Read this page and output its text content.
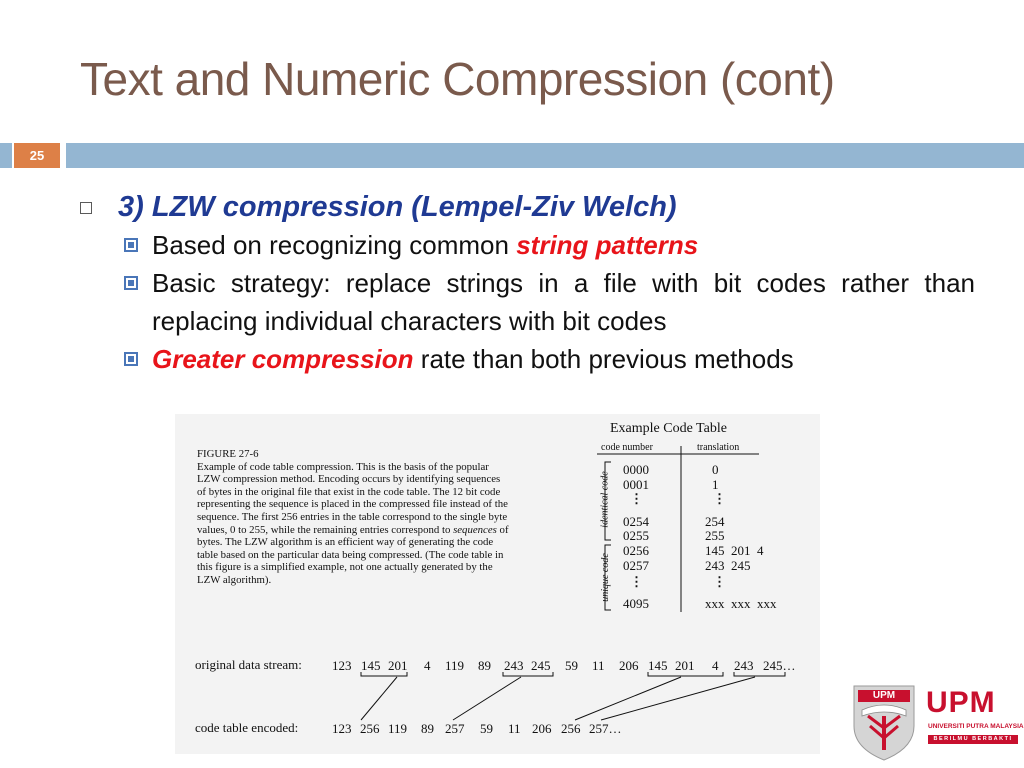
Text and Numeric Compression (cont)
25
3) LZW compression (Lempel-Ziv Welch)
Based on recognizing common string patterns
Basic strategy: replace strings in a file with bit codes rather than replacing individual characters with bit codes
Greater compression rate than both previous methods
FIGURE 27-6
Example of code table compression. This is the basis of the popular LZW compression method. Encoding occurs by identifying sequences of bytes in the original file that exist in the code table. The 12 bit code representing the sequence is placed in the compressed file instead of the sequence. The first 256 entries in the table correspond to the single byte values, 0 to 255, while the remaining entries correspond to sequences of bytes. The LZW algorithm is an efficient way of generating the code table based on the particular data being compressed. (The code table in this figure is a simplified example, not one actually generated by the LZW algorithm).
Example Code Table
code number	translation
identical code
unique code
0000	0
0001	1
⋮	⋮
0254	254
0255	255
0256	145  201  4
0257	243  245
⋮	⋮
4095	xxx  xxx  xxx
original data stream: 123 145 201 4 119 89 243 245 59 11 206 145 201 4 243 245…
code table encoded:	123 256 119 89 257 59 11 206 256 257…
UPM UPM
UNIVERSITI PUTRA MALAYSIA
BERILMU BERBAKTI
